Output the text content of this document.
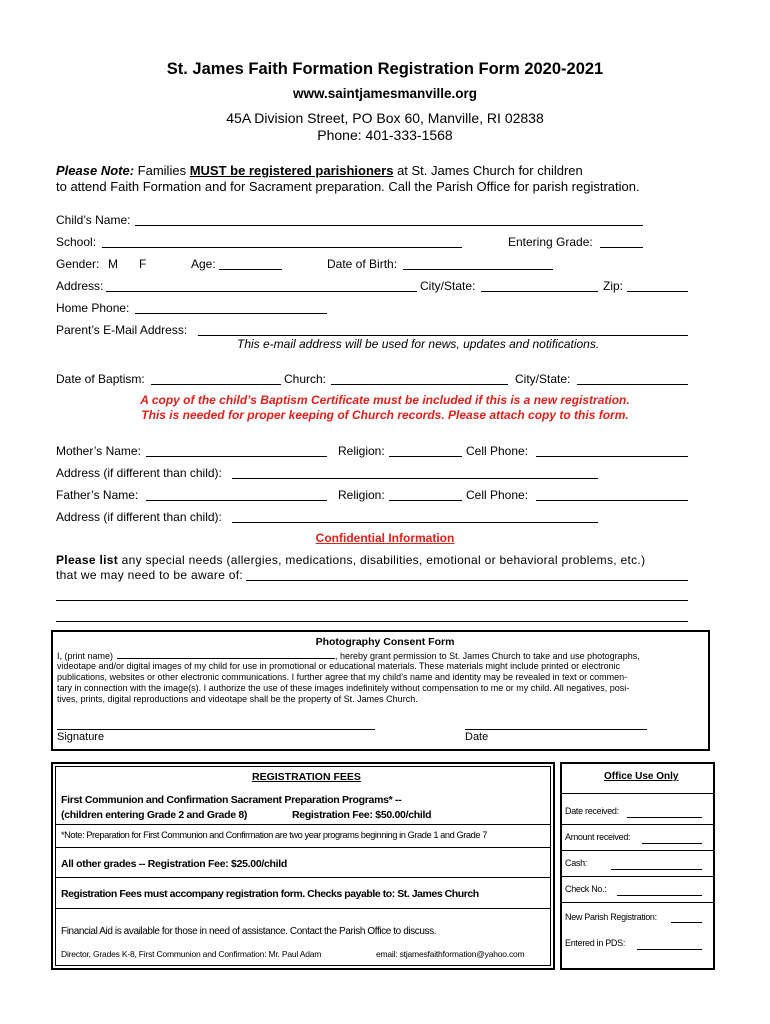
St. James Faith Formation Registration Form 2020-2021
www.saintjamesmanville.org
45A Division Street, PO Box 60, Manville, RI 02838
Phone: 401-333-1568
Please Note: Families MUST be registered parishioners at St. James Church for children
to attend Faith Formation and for Sacrament preparation. Call the Parish Office for parish registration.
Child’s Name:
School:	Entering Grade:
Gender: M F	Age:	Date of Birth:
Address:	City/State:	Zip:
Home Phone:
Parent’s E-Mail Address:
This e-mail address will be used for news, updates and notifications.
Date of Baptism:	Church:	City/State:
A copy of the child’s Baptism Certificate must be included if this is a new registration.
This is needed for proper keeping of Church records. Please attach copy to this form.
Mother’s Name:	Religion:	Cell Phone:
Address (if different than child):
Father’s Name:	Religion:	Cell Phone:
Address (if different than child):
Confidential Information
Please list any special needs (allergies, medications, disabilities, emotional or behavioral problems, etc.)
that we may need to be aware of:
Photography Consent Form
I, (print name)	, hereby grant permission to St. James Church to take and use photographs,
videotape and/or digital images of my child for use in promotional or educational materials. These materials might include printed or electronic
publications, websites or other electronic communications. I further agree that my child’s name and identity may be revealed in text or commen-
tary in connection with the image(s). I authorize the use of these images indefinitely without compensation to me or my child. All negatives, posi-
tives, prints, digital reproductions and videotape shall be the property of St. James Church.
Signature	Date
REGISTRATION FEES
First Communion and Confirmation Sacrament Preparation Programs* --
(children entering Grade 2 and Grade 8)	Registration Fee: $50.00/child
*Note: Preparation for First Communion and Confirmation are two year programs beginning in Grade 1 and Grade 7
All other grades -- Registration Fee: $25.00/child
Registration Fees must accompany registration form. Checks payable to: St. James Church
Financial Aid is available for those in need of assistance. Contact the Parish Office to discuss.
Director, Grades K-8, First Communion and Confirmation: Mr. Paul Adam	email: stjamesfaithformation@yahoo.com
Office Use Only
Date received:
Amount received:
Cash:
Check No.:
New Parish Registration:
Entered in PDS:
